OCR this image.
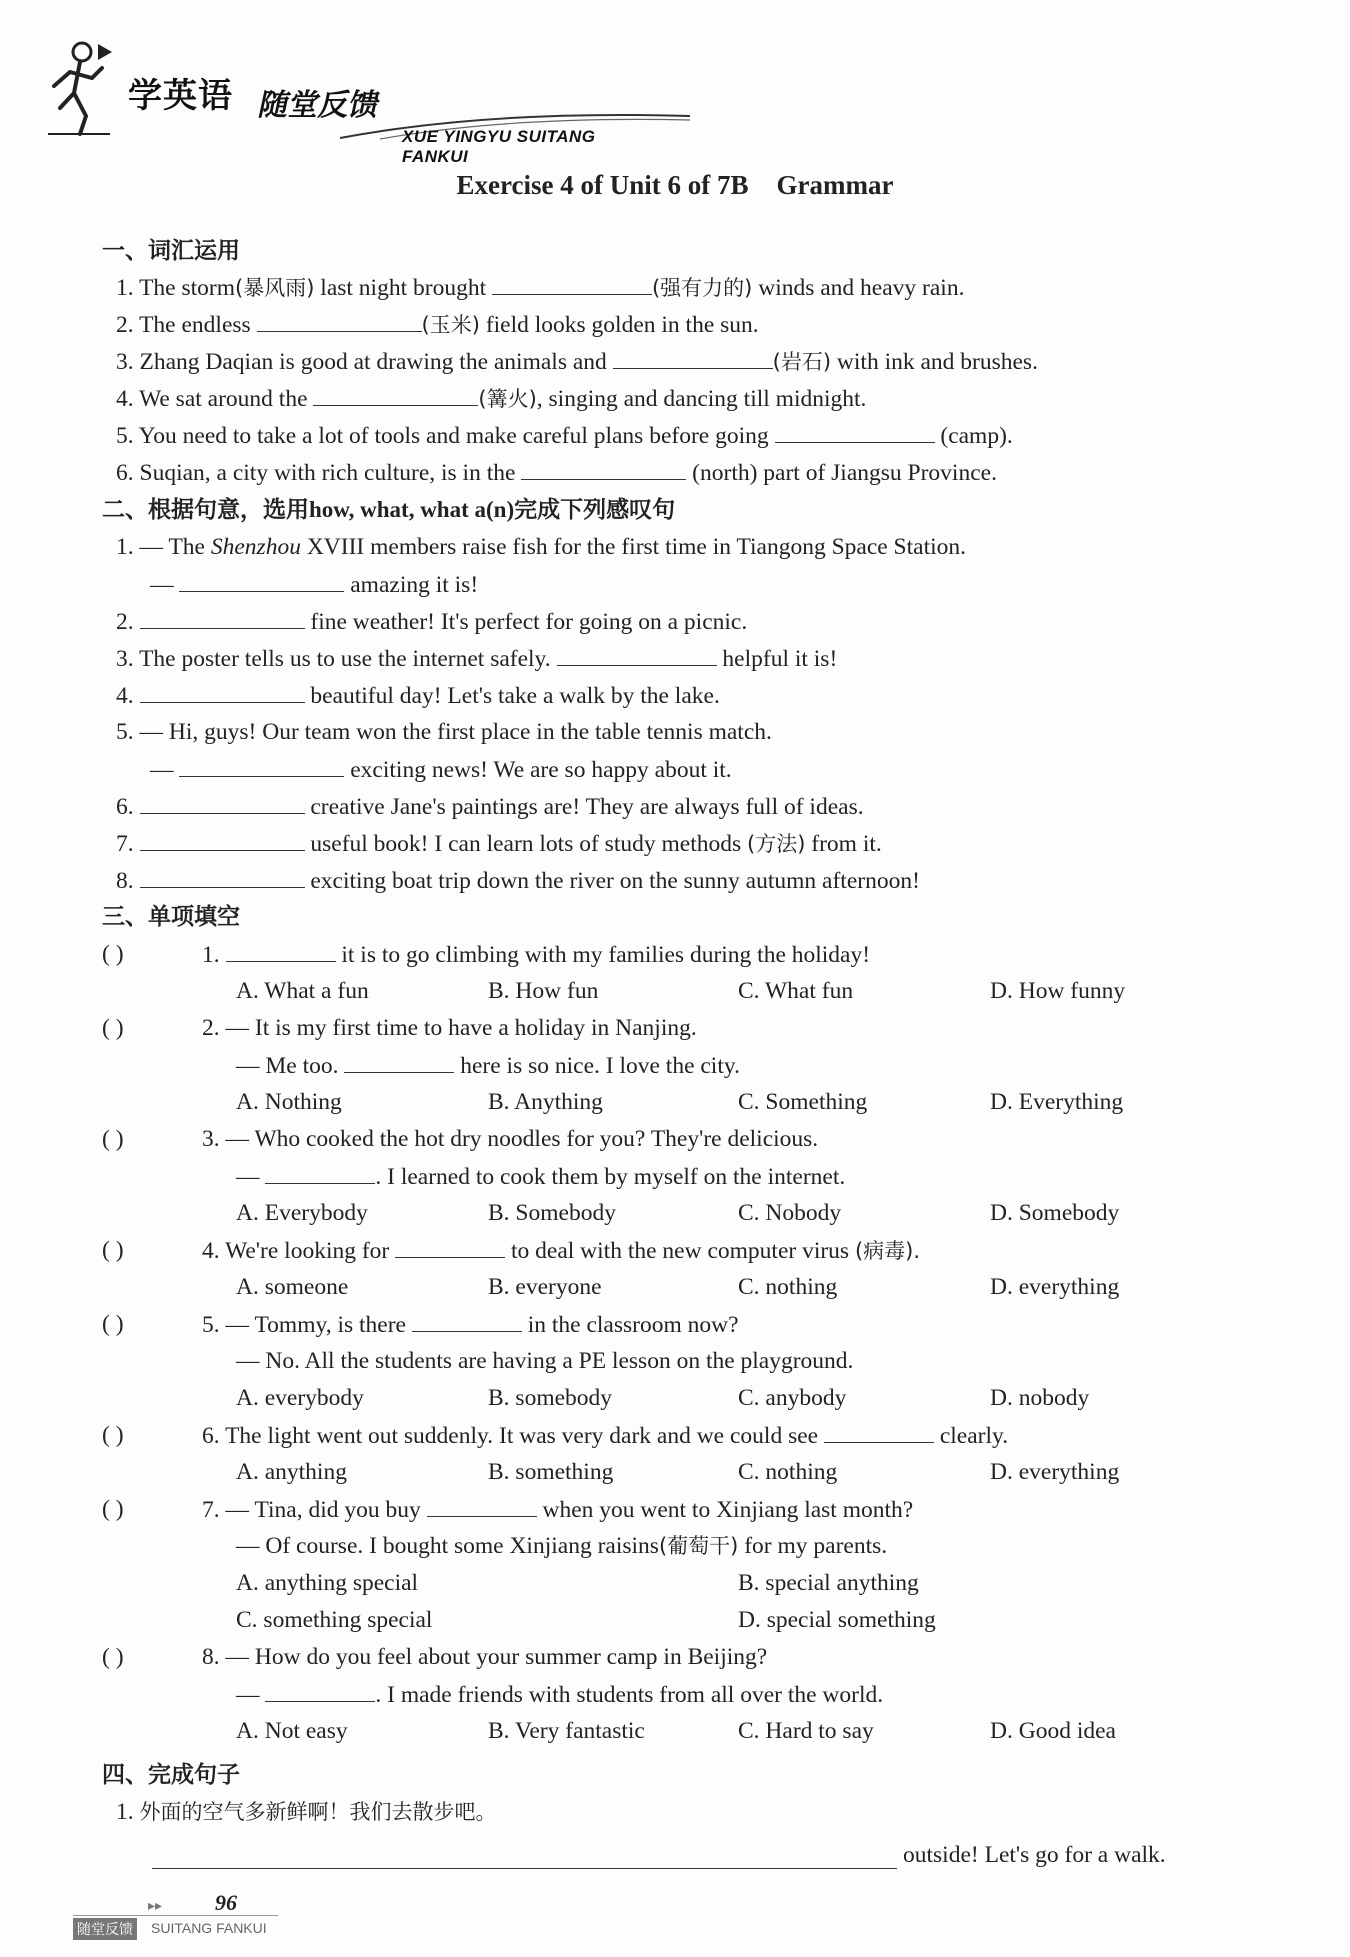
学英语 随堂反馈
XUE YINGYU SUITANG FANKUI
Exercise 4 of Unit 6 of 7B Grammar
一、词汇运用
1. The storm(暴风雨) last night brought	(强有力的) winds and heavy rain.
2. The endless	(玉米) field looks golden in the sun.
3. Zhang Daqian is good at drawing the animals and	(岩石) with ink and brushes.
4. We sat around the	(篝火), singing and dancing till midnight.
5. You need to take a lot of tools and make careful plans before going	(camp).
6. Suqian, a city with rich culture, is in the	(north) part of Jiangsu Province.
二、根据句意，选用how, what, what a(n)完成下列感叹句
1. — The Shenzhou XVIII members raise fish for the first time in Tiangong Space Station.
—	amazing it is!
2.	fine weather! It's perfect for going on a picnic.
3. The poster tells us to use the internet safely.	helpful it is!
4.	beautiful day! Let's take a walk by the lake.
5. — Hi, guys! Our team won the first place in the table tennis match.
—	exciting news! We are so happy about it.
6.	creative Jane's paintings are! They are always full of ideas.
7.	useful book! I can learn lots of study methods (方法) from it.
8.	exciting boat trip down the river on the sunny autumn afternoon!
三、单项填空
( )	1.	it is to go climbing with my families during the holiday!
A. What a fun	B. How fun	C. What fun	D. How funny
( )	2. — It is my first time to have a holiday in Nanjing.
— Me too.	here is so nice. I love the city.
A. Nothing	B. Anything	C. Something	D. Everything
( )	3. — Who cooked the hot dry noodles for you? They're delicious.
—	. I learned to cook them by myself on the internet.
A. Everybody	B. Somebody	C. Nobody	D. Somebody
( )	4. We're looking for	to deal with the new computer virus (病毒).
A. someone	B. everyone	C. nothing	D. everything
( )	5. — Tommy, is there	in the classroom now?
— No. All the students are having a PE lesson on the playground.
A. everybody	B. somebody	C. anybody	D. nobody
( )	6. The light went out suddenly. It was very dark and we could see	clearly.
A. anything	B. something	C. nothing	D. everything
( )	7. — Tina, did you buy	when you went to Xinjiang last month?
— Of course. I bought some Xinjiang raisins(葡萄干) for my parents.
A. anything special	B. special anything
C. something special	D. special something
( )	8. — How do you feel about your summer camp in Beijing?
—	. I made friends with students from all over the world.
A. Not easy	B. Very fantastic	C. Hard to say	D. Good idea
四、完成句子
1. 外面的空气多新鲜啊！我们去散步吧。
outside! Let's go for a walk.
▸▸ 96
随堂反馈 SUITANG FANKUI
